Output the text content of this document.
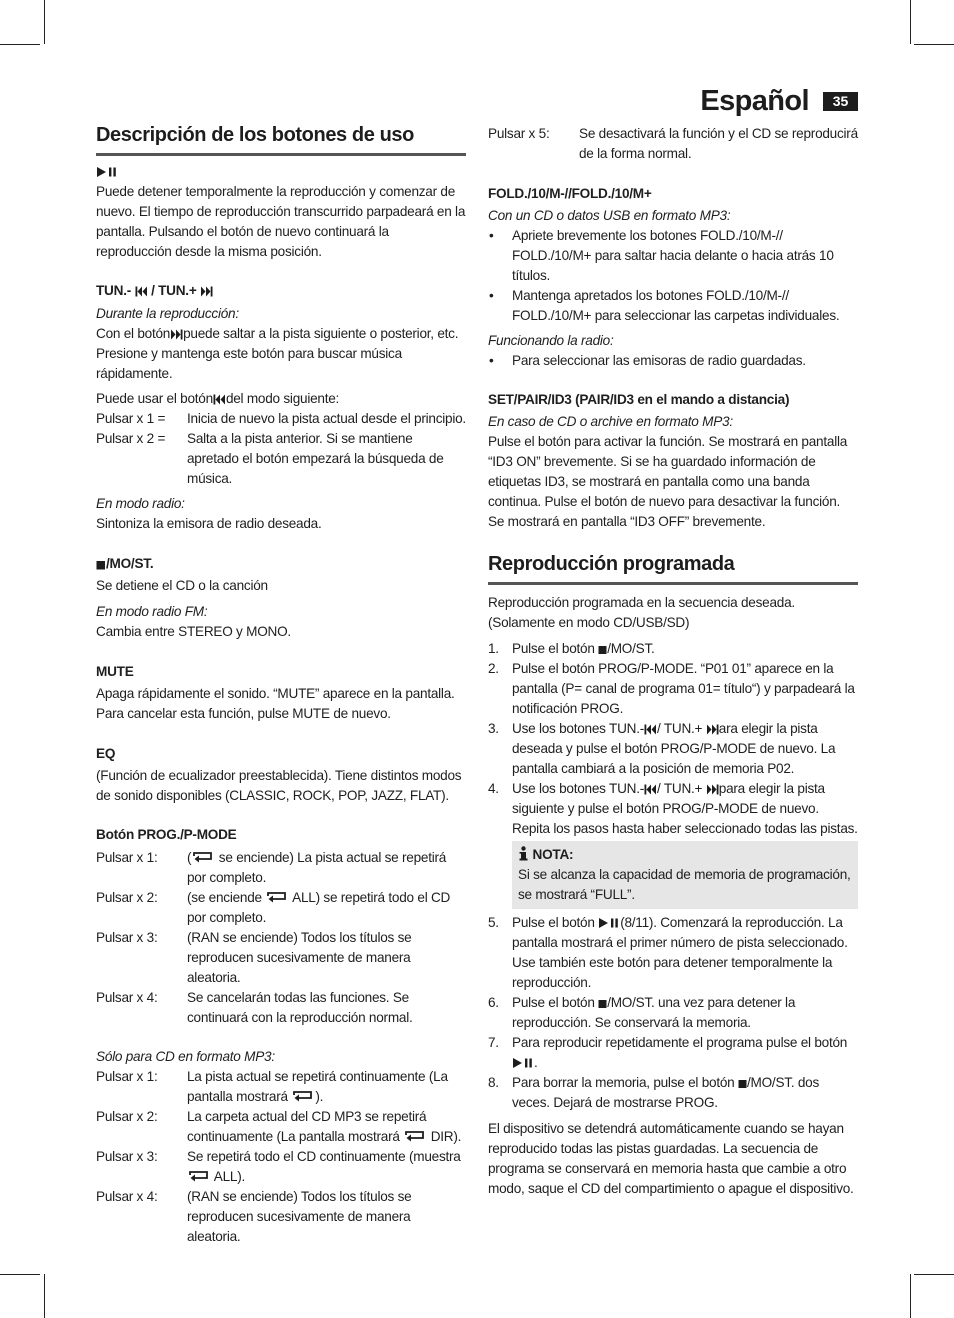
Español	35
Descripción de los botones de uso

Puede detener temporalmente la reproducción y comenzar de nuevo. El tiempo de reproducción transcurrido parpadeará en la pantalla. Pulsando el botón de nuevo continuará la reproducción desde la misma posición.

TUN.- / TUN.+

Durante la reproducción:

Con el botón puede saltar a la pista siguiente o posterior, etc. Presione y mantenga este botón para buscar música rápidamente.

Puede usar el botón del modo siguiente:

Pulsar x 1 =	Inicia de nuevo la pista actual desde el principio.
Pulsar x 2 =	Salta a la pista anterior. Si se mantiene apretado el botón empezará la búsqueda de música.

En modo radio:

Sintoniza la emisora de radio deseada.

/MO/ST.

Se detiene el CD o la canción

En modo radio FM:

Cambia entre STEREO y MONO.

MUTE

Apaga rápidamente el sonido. “MUTE” aparece en la pantalla. Para cancelar esta función, pulse MUTE de nuevo.

EQ

(Función de ecualizador preestablecida). Tiene distintos modos de sonido disponibles (CLASSIC, ROCK, POP, JAZZ, FLAT).

Botón PROG./P-MODE

Pulsar x 1:	( se enciende) La pista actual se repetirá por completo.
Pulsar x 2:	(se enciende  ALL) se repetirá todo el CD por completo.
Pulsar x 3:	(RAN se enciende) Todos los títulos se reproducen sucesivamente de manera aleatoria.
Pulsar x 4:	Se cancelarán todas las funciones. Se continuará con la reproducción normal.

Sólo para CD en formato MP3:

Pulsar x 1:	La pista actual se repetirá continuamente (La pantalla mostrará ).
Pulsar x 2:	La carpeta actual del CD MP3 se repetirá continuamente (La pantalla mostrará  DIR).
Pulsar x 3:	Se repetirá todo el CD continuamente (muestra  ALL).
Pulsar x 4:	(RAN se enciende) Todos los títulos se reproducen sucesivamente de manera aleatoria.
Pulsar x 5:	Se desactivará la función y el CD se reproducirá de la forma normal.

FOLD./10/M-//FOLD./10/M+

Con un CD o datos USB en formato MP3:

• Apriete brevemente los botones FOLD./10/M-// FOLD./10/M+ para saltar hacia delante o hacia atrás 10 títulos.
• Mantenga apretados los botones FOLD./10/M-// FOLD./10/M+ para seleccionar las carpetas individuales.

Funcionando la radio:

• Para seleccionar las emisoras de radio guardadas.

SET/PAIR/ID3 (PAIR/ID3 en el mando a distancia)

En caso de CD o archive en formato MP3:

Pulse el botón para activar la función. Se mostrará en pantalla “ID3 ON” brevemente. Si se ha guardado información de etiquetas ID3, se mostrará en pantalla como una banda continua. Pulse el botón de nuevo para desactivar la función. Se mostrará en pantalla “ID3 OFF” brevemente.

Reproducción programada

Reproducción programada en la secuencia deseada. (Solamente en modo CD/USB/SD)

1. Pulse el botón /MO/ST.
2. Pulse el botón PROG/P-MODE. “P01 01” aparece en la pantalla (P= canal de programa 01= título“) y parpadeará la notificación PROG.
3. Use los botones TUN.- / TUN.+ ara elegir la pista deseada y pulse el botón PROG/P-MODE de nuevo. La pantalla cambiará a la posición de memoria P02.
4. Use los botones TUN.- / TUN.+ para elegir la pista siguiente y pulse el botón PROG/P-MODE de nuevo. Repita los pasos hasta haber seleccionado todas las pistas.
NOTA:
Si se alcanza la capacidad de memoria de programación, se mostrará “FULL”.
5. Pulse el botón (8/11). Comenzará la reproducción. La pantalla mostrará el primer número de pista seleccionado. Use también este botón para detener temporalmente la reproducción.
6. Pulse el botón /MO/ST. una vez para detener la reproducción. Se conservará la memoria.
7. Para reproducir repetidamente el programa pulse el botón .
8. Para borrar la memoria, pulse el botón /MO/ST. dos veces. Dejará de mostrarse PROG.

El dispositivo se detendrá automáticamente cuando se hayan reproducido todas las pistas guardadas. La secuencia de programa se conservará en memoria hasta que cambie a otro modo, saque el CD del compartimiento o apague el dispositivo.
